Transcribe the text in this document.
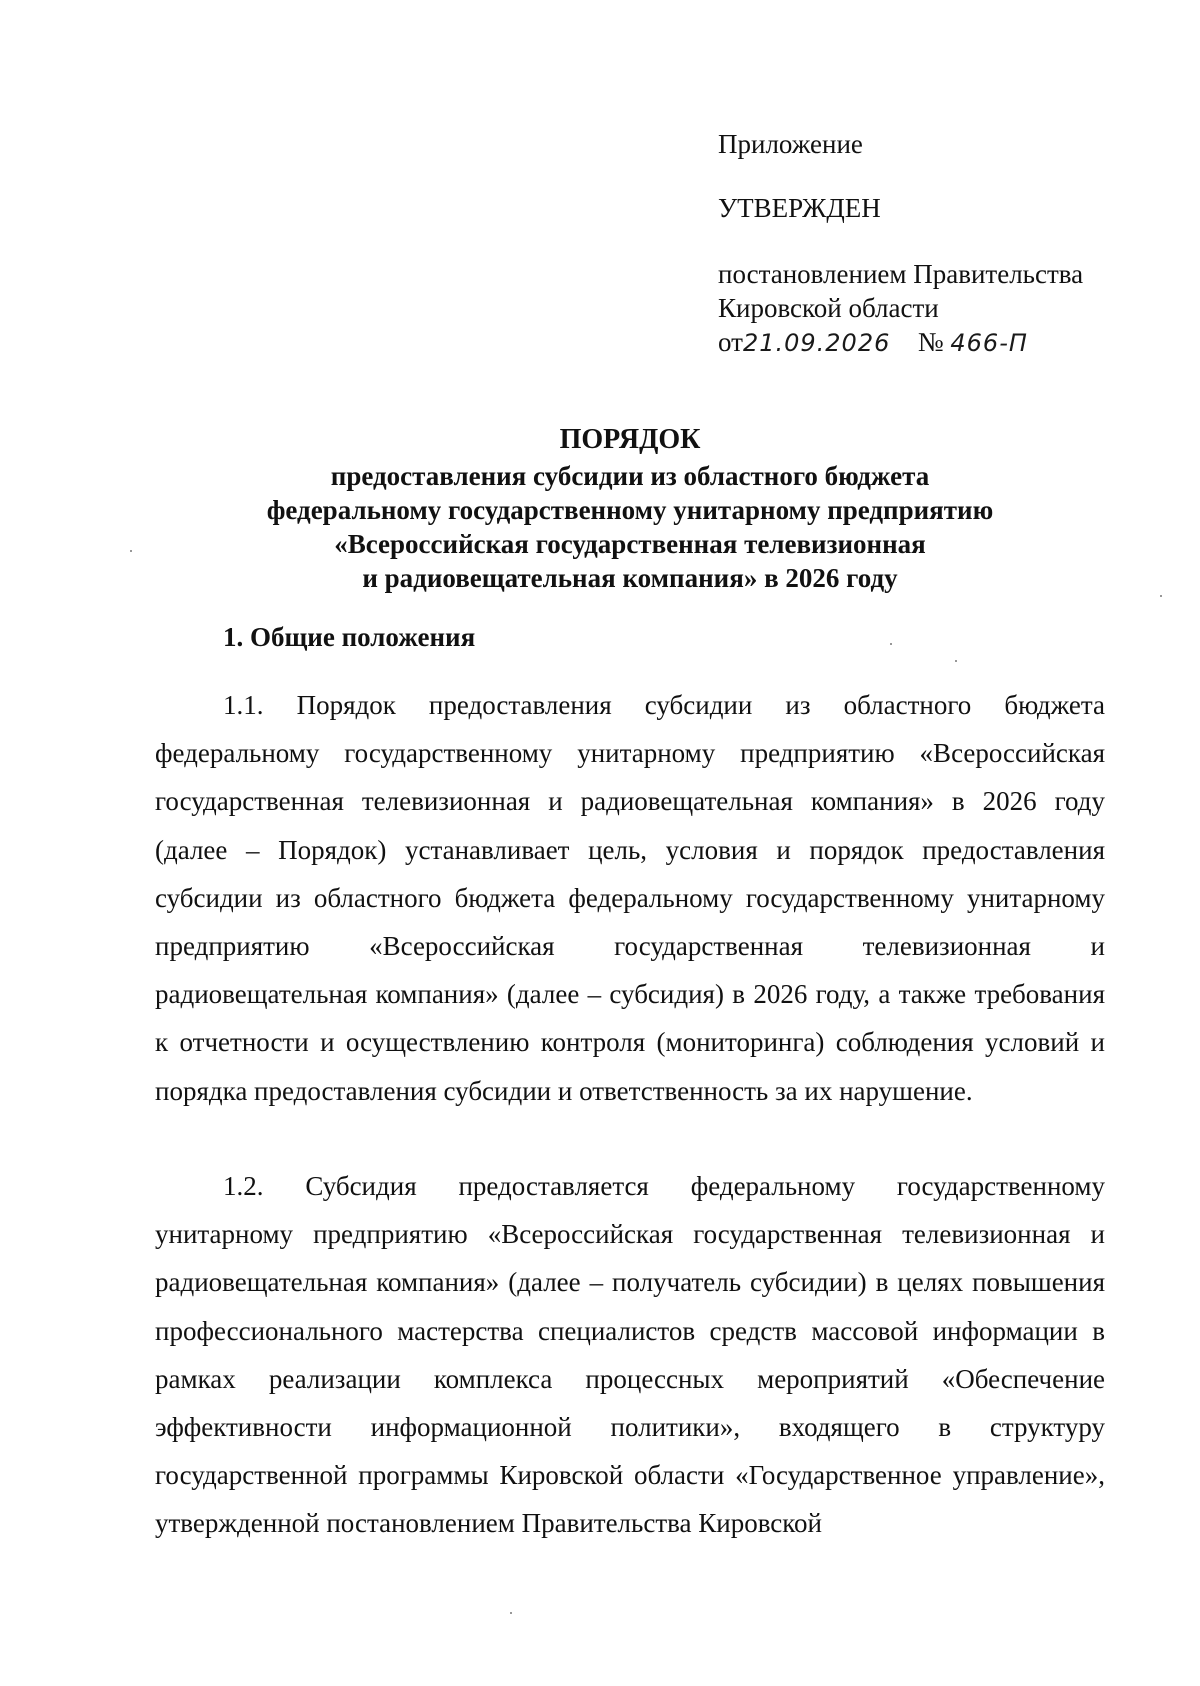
Приложение
УТВЕРЖДЕН
постановлением Правительства
Кировской области
от21.09.2026 № 466-П
ПОРЯДОК
предоставления субсидии из областного бюджета
федеральному государственному унитарному предприятию
«Всероссийская государственная телевизионная
и радиовещательная компания» в 2026 году
1. Общие положения
1.1. Порядок предоставления субсидии из областного бюджета федеральному государственному унитарному предприятию «Всероссийская государственная телевизионная и радиовещательная компания» в 2026 году (далее – Порядок) устанавливает цель, условия и порядок предоставления субсидии из областного бюджета федеральному государственному унитарному предприятию «Всероссийская государственная телевизионная и радиовещательная компания» (далее – субсидия) в 2026 году, а также требования к отчетности и осуществлению контроля (мониторинга) соблюдения условий и порядка предоставления субсидии и ответственность за их нарушение.
1.2. Субсидия предоставляется федеральному государственному унитарному предприятию «Всероссийская государственная телевизионная и радиовещательная компания» (далее – получатель субсидии) в целях повышения профессионального мастерства специалистов средств массовой информации в рамках реализации комплекса процессных мероприятий «Обеспечение эффективности информационной политики», входящего в структуру государственной программы Кировской области «Государственное управление», утвержденной постановлением Правительства Кировской
